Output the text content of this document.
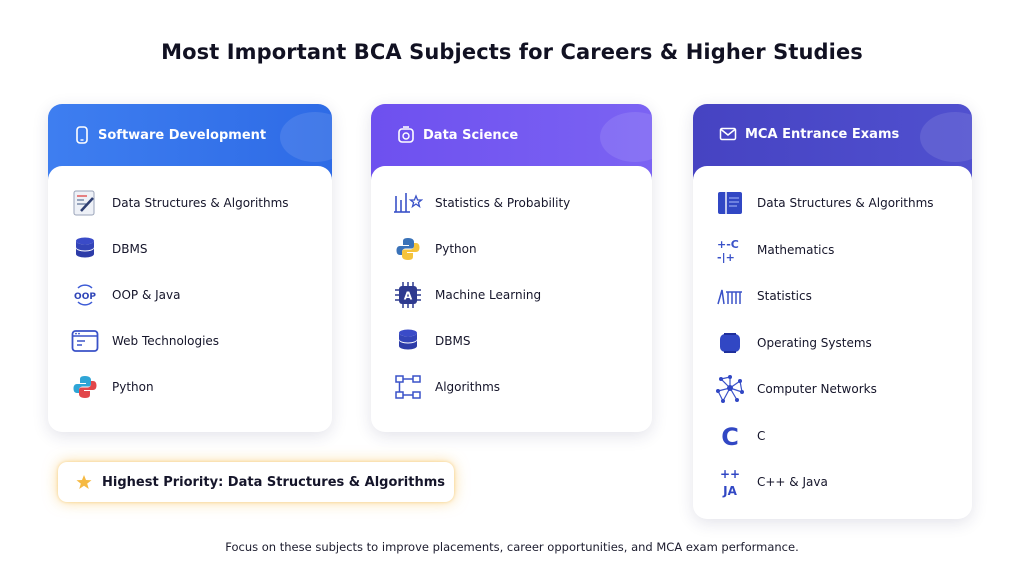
Most Important BCA Subjects for Careers & Higher Studies
Software Development
Data Structures & Algorithms
DBMS
OOP OOP & Java
Web Technologies
Python
Data Science
Statistics & Probability
Python
A Machine Learning
DBMS
Algorithms
MCA Entrance Exams
Data Structures & Algorithms
+-C
-|+
Mathematics
Statistics
Operating Systems
Computer Networks
C C
++
JA
C++ & Java
Highest Priority: Data Structures & Algorithms
Focus on these subjects to improve placements, career opportunities, and MCA exam performance.
